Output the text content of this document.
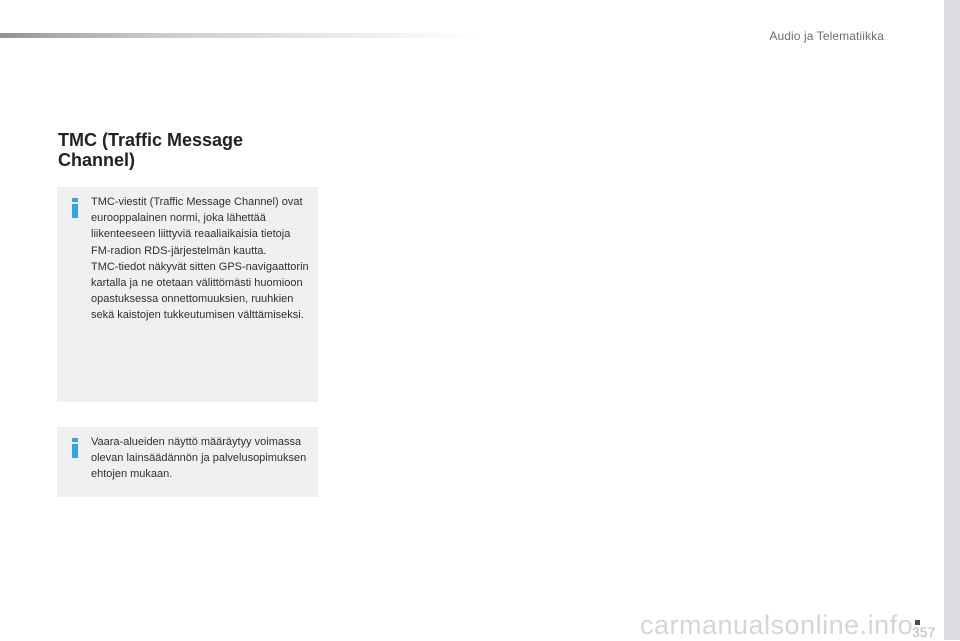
Audio ja Telematiikka
TMC (Traffic Message Channel)

TMC-viestit (Traffic Message Channel) ovat eurooppalainen normi, joka lähettää liikenteeseen liittyviä reaaliaikaisia tietoja FM-radion RDS-järjestelmän kautta.
TMC-tiedot näkyvät sitten GPS-navigaattorin kartalla ja ne otetaan välittömästi huomioon opastuksessa onnettomuuksien, ruuhkien sekä kaistojen tukkeutumisen välttämiseksi.

Vaara-alueiden näyttö määräytyy voimassa olevan lainsäädännön ja palvelusopimuksen ehtojen mukaan.

carmanualsonline.info
357
